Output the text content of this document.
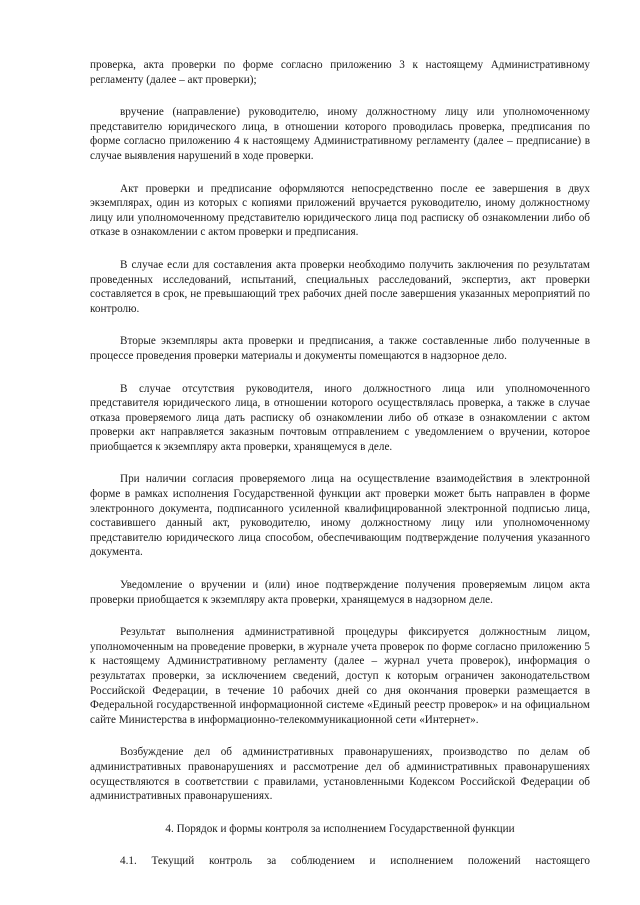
проверка, акта проверки по форме согласно приложению 3 к настоящему Административному регламенту (далее – акт проверки);

вручение (направление) руководителю, иному должностному лицу или уполномоченному представителю юридического лица, в отношении которого проводилась проверка, предписания по форме согласно приложению 4 к настоящему Административному регламенту (далее – предписание) в случае выявления нарушений в ходе проверки.

Акт проверки и предписание оформляются непосредственно после ее завершения в двух экземплярах, один из которых с копиями приложений вручается руководителю, иному должностному лицу или уполномоченному представителю юридического лица под расписку об ознакомлении либо об отказе в ознакомлении с актом проверки и предписания.

В случае если для составления акта проверки необходимо получить заключения по результатам проведенных исследований, испытаний, специальных расследований, экспертиз, акт проверки составляется в срок, не превышающий трех рабочих дней после завершения указанных мероприятий по контролю.

Вторые экземпляры акта проверки и предписания, а также составленные либо полученные в процессе проведения проверки материалы и документы помещаются в надзорное дело.

В случае отсутствия руководителя, иного должностного лица или уполномоченного представителя юридического лица, в отношении которого осуществлялась проверка, а также в случае отказа проверяемого лица дать расписку об ознакомлении либо об отказе в ознакомлении с актом проверки акт направляется заказным почтовым отправлением с уведомлением о вручении, которое приобщается к экземпляру акта проверки, хранящемуся в деле.

При наличии согласия проверяемого лица на осуществление взаимодействия в электронной форме в рамках исполнения Государственной функции акт проверки может быть направлен в форме электронного документа, подписанного усиленной квалифицированной электронной подписью лица, составившего данный акт, руководителю, иному должностному лицу или уполномоченному представителю юридического лица способом, обеспечивающим подтверждение получения указанного документа.

Уведомление о вручении и (или) иное подтверждение получения проверяемым лицом акта проверки приобщается к экземпляру акта проверки, хранящемуся в надзорном деле.

Результат выполнения административной процедуры фиксируется должностным лицом, уполномоченным на проведение проверки, в журнале учета проверок по форме согласно приложению 5 к настоящему Административному регламенту (далее – журнал учета проверок), информация о результатах проверки, за исключением сведений, доступ к которым ограничен законодательством Российской Федерации, в течение 10 рабочих дней со дня окончания проверки размещается в Федеральной государственной информационной системе «Единый реестр проверок» и на официальном сайте Министерства в информационно-телекоммуникационной сети «Интернет».

Возбуждение дел об административных правонарушениях, производство по делам об административных правонарушениях и рассмотрение дел об административных правонарушениях осуществляются в соответствии с правилами, установленными Кодексом Российской Федерации об административных правонарушениях.

4. Порядок и формы контроля за исполнением Государственной функции

4.1. Текущий контроль за соблюдением и исполнением положений настоящего
